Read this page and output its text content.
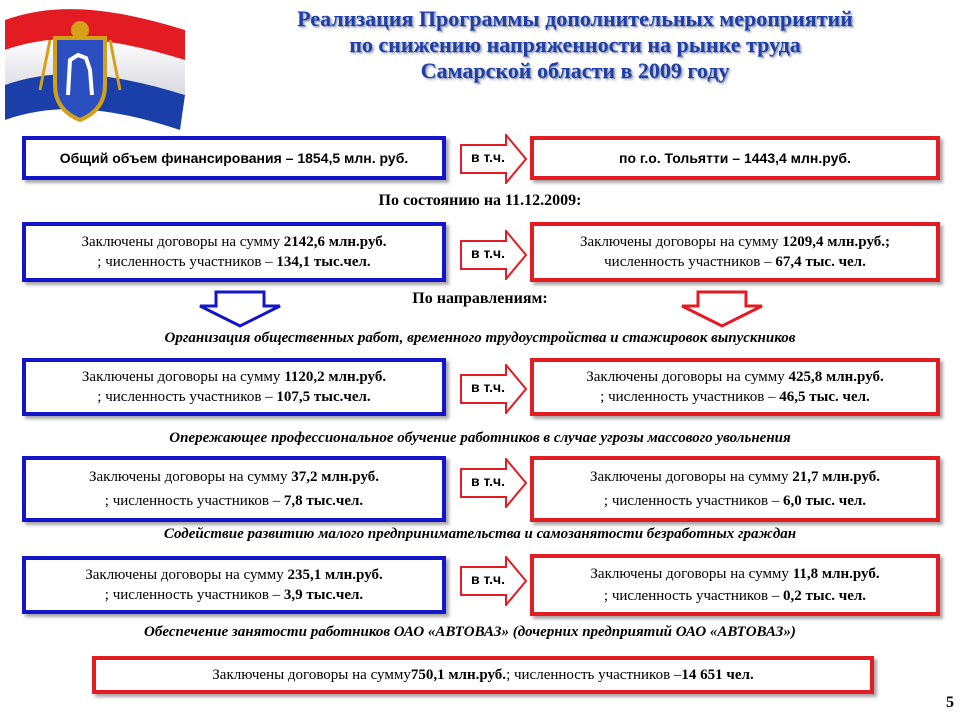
Реализация Программы дополнительных мероприятий
по снижению напряженности на рынке труда
Самарской области в 2009 году
Общий объем финансирования – 1854,5 млн. руб.	в т.ч.	по г.о. Тольятти – 1443,4 млн.руб.
По состоянию на 11.12.2009:
Заключены договоры на сумму 2142,6 млн.руб.
; численность участников – 134,1 тыс.чел.
в т.ч.
Заключены договоры на сумму 1209,4 млн.руб.;
численность участников – 67,4 тыс. чел.
По направлениям:
Организация общественных работ, временного трудоустройства и стажировок выпускников
Заключены договоры на сумму 1120,2 млн.руб.
; численность участников – 107,5 тыс.чел.
в т.ч.
Заключены договоры на сумму 425,8 млн.руб.
; численность участников – 46,5 тыс. чел.
Опережающее профессиональное обучение работников в случае угрозы массового увольнения
Заключены договоры на сумму 37,2 млн.руб.
; численность участников – 7,8 тыс.чел.
в т.ч.	Заключены договоры на сумму 21,7 млн.руб.
; численность участников – 6,0 тыс. чел.
Содействие развитию малого предпринимательства и самозанятости безработных граждан
Заключены договоры на сумму 235,1 млн.руб.
; численность участников – 3,9 тыс.чел.
в т.ч.	Заключены договоры на сумму 11,8 млн.руб.
; численность участников – 0,2 тыс. чел.
Обеспечение занятости работников ОАО «АВТОВАЗ» (дочерних предприятий ОАО «АВТОВАЗ»)
Заключены договоры на сумму 750,1 млн.руб. ; численность участников – 14 651 чел.
5
